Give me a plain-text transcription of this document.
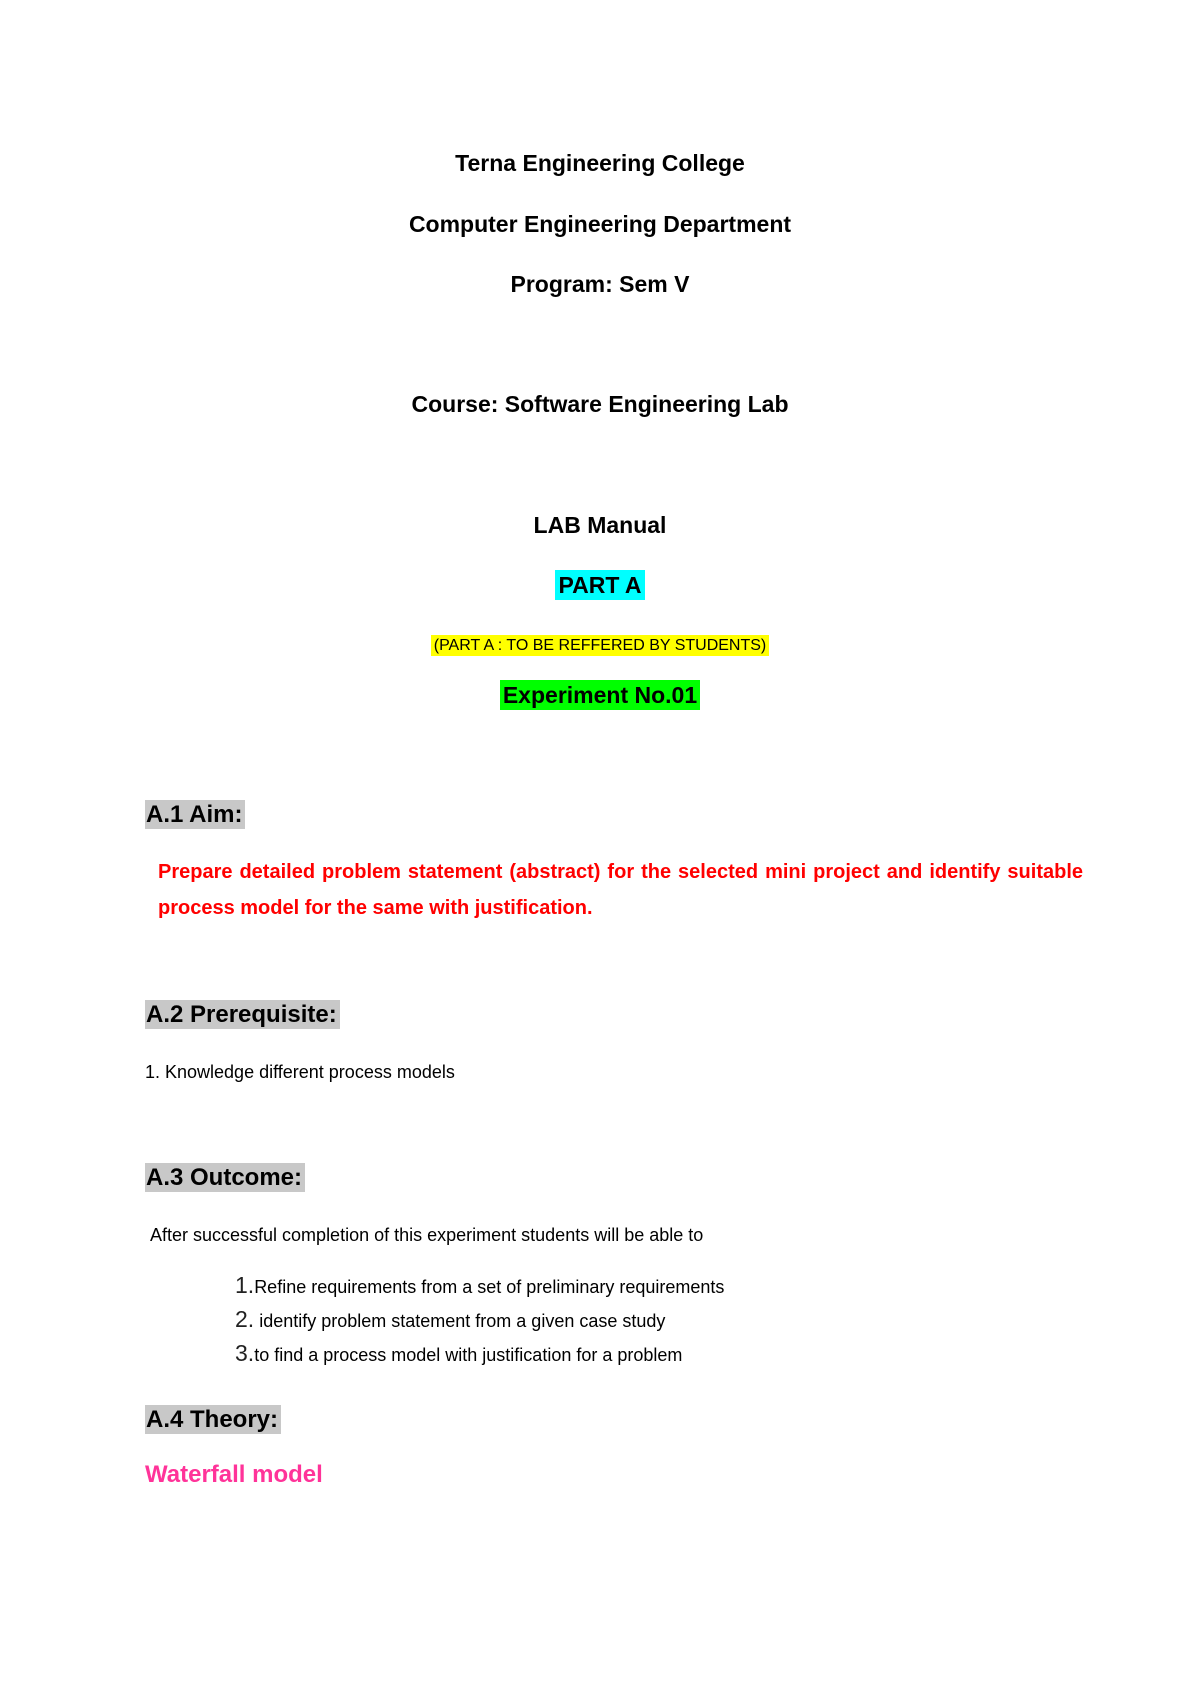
Terna Engineering College
Computer Engineering Department
Program: Sem V
Course: Software Engineering Lab
LAB Manual
PART A
(PART A : TO BE REFFERED BY STUDENTS)
Experiment No.01
A.1 Aim:
Prepare detailed problem statement (abstract) for the selected mini project and identify suitable process model for the same with justification.
A.2 Prerequisite:
1. Knowledge different process models
A.3 Outcome:
After successful completion of this experiment students will be able to
1.Refine requirements from a set of preliminary requirements
2. identify problem statement from a given case study
3.to find a process model with justification for a problem
A.4 Theory:
Waterfall model
